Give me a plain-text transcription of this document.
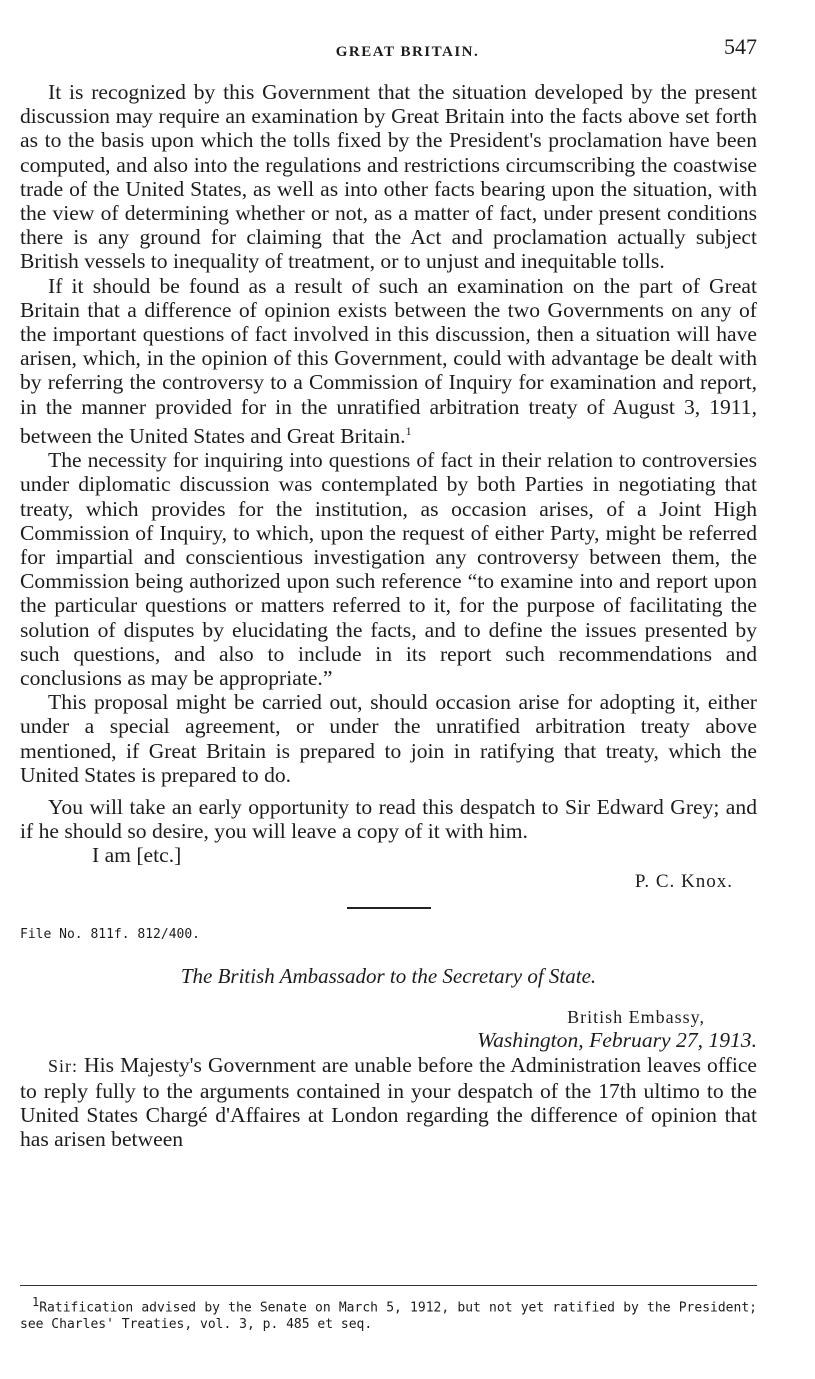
GREAT BRITAIN.	547

It is recognized by this Government that the situation developed by the present discussion may require an examination by Great Britain into the facts above set forth as to the basis upon which the tolls fixed by the President's proclamation have been computed, and also into the regulations and restrictions circumscribing the coastwise trade of the United States, as well as into other facts bearing upon the situation, with the view of determining whether or not, as a matter of fact, under present conditions there is any ground for claiming that the Act and proclamation actually subject British vessels to inequality of treatment, or to unjust and inequitable tolls.

If it should be found as a result of such an examination on the part of Great Britain that a difference of opinion exists between the two Governments on any of the important questions of fact involved in this discussion, then a situation will have arisen, which, in the opinion of this Government, could with advantage be dealt with by referring the controversy to a Commission of Inquiry for examination and report, in the manner provided for in the unratified arbitration treaty of August 3, 1911, between the United States and Great Britain.$^1$

The necessity for inquiring into questions of fact in their relation to controversies under diplomatic discussion was contemplated by both Parties in negotiating that treaty, which provides for the institution, as occasion arises, of a Joint High Commission of Inquiry, to which, upon the request of either Party, might be referred for impartial and conscientious investigation any controversy between them, the Commission being authorized upon such reference “to examine into and report upon the particular questions or matters referred to it, for the purpose of facilitating the solution of disputes by elucidating the facts, and to define the issues presented by such questions, and also to include in its report such recommendations and conclusions as may be appropriate.”

This proposal might be carried out, should occasion arise for adopting it, either under a special agreement, or under the unratified arbitration treaty above mentioned, if Great Britain is prepared to join in ratifying that treaty, which the United States is prepared to do.

You will take an early opportunity to read this despatch to Sir Edward Grey; and if he should so desire, you will leave a copy of it with him.

I am [etc.]
P. C. Knox.
File No. 811f. 812/400.
The British Ambassador to the Secretary of State.
British Embassy,
Washington, February 27, 1913.

Sir: His Majesty's Government are unable before the Administration leaves office to reply fully to the arguments contained in your despatch of the 17th ultimo to the United States Chargé d'Affaires at London regarding the difference of opinion that has arisen between

$^1$Ratification advised by the Senate on March 5, 1912, but not yet ratified by the President; see Charles' Treaties, vol. 3, p. 485 et seq.
